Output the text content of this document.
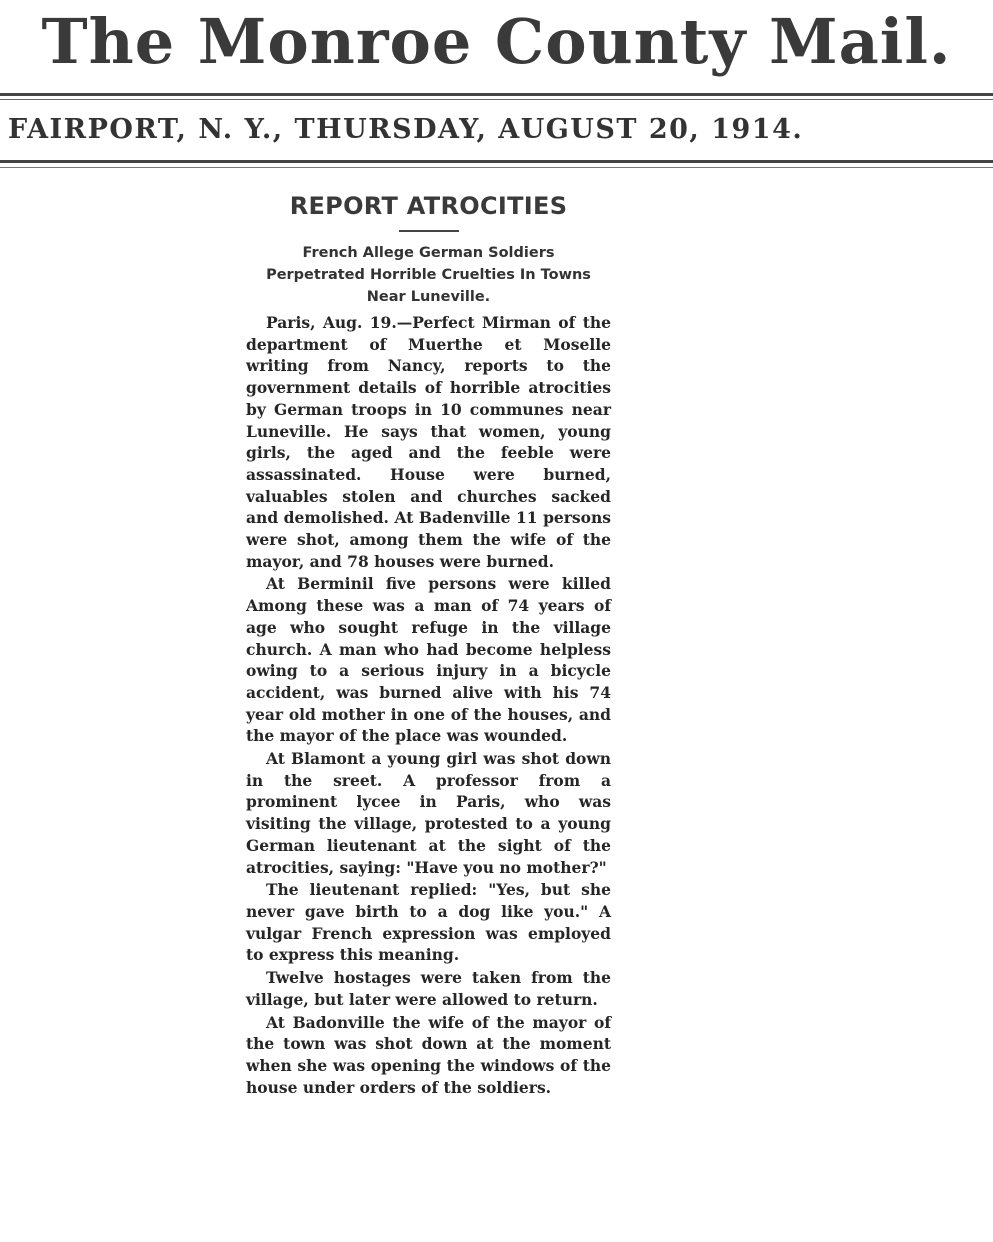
The Monroe County Mail.
FAIRPORT, N. Y., THURSDAY, AUGUST 20, 1914.
REPORT ATROCITIES
French Allege German Soldiers Perpetrated Horrible Cruelties In Towns Near Luneville.

Paris, Aug. 19.—Perfect Mirman of the department of Muerthe et Moselle writing from Nancy, reports to the government details of horrible atrocities by German troops in 10 communes near Luneville. He says that women, young girls, the aged and the feeble were assassinated. House were burned, valuables stolen and churches sacked and demolished. At Badenville 11 persons were shot, among them the wife of the mayor, and 78 houses were burned.

At Berminil five persons were killed Among these was a man of 74 years of age who sought refuge in the village church. A man who had become helpless owing to a serious injury in a bicycle accident, was burned alive with his 74 year old mother in one of the houses, and the mayor of the place was wounded.

At Blamont a young girl was shot down in the sreet. A professor from a prominent lycee in Paris, who was visiting the village, protested to a young German lieutenant at the sight of the atrocities, saying: "Have you no mother?"

The lieutenant replied: "Yes, but she never gave birth to a dog like you." A vulgar French expression was employed to express this meaning.

Twelve hostages were taken from the village, but later were allowed to return.

At Badonville the wife of the mayor of the town was shot down at the moment when she was opening the windows of the house under orders of the soldiers.
